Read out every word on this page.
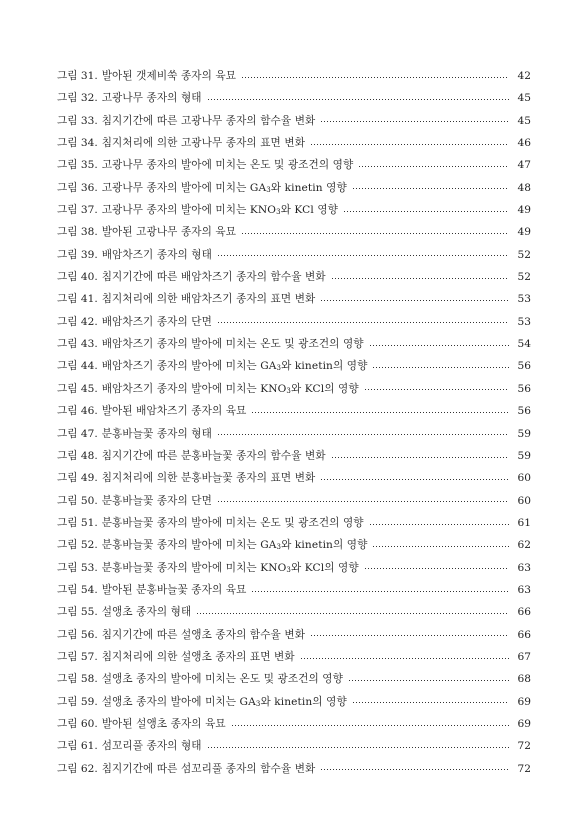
그림 31. 발아된 갯제비쑥 종자의 육묘	42
그림 32. 고광나무 종자의 형태	45
그림 33. 침지기간에 따른 고광나무 종자의 함수율 변화	45
그림 34. 침지처리에 의한 고광나무 종자의 표면 변화	46
그림 35. 고광나무 종자의 발아에 미치는 온도 및 광조건의 영향	47
그림 36. 고광나무 종자의 발아에 미치는 $GA_3$와 kinetin 영향	48
그림 37. 고광나무 종자의 발아에 미치는 $KNO_3$와 KCl 영향	49
그림 38. 발아된 고광나무 종자의 육묘	49
그림 39. 배암차즈기 종자의 형태	52
그림 40. 침지기간에 따른 배암차즈기 종자의 함수율 변화	52
그림 41. 침지처리에 의한 배암차즈기 종자의 표면 변화	53
그림 42. 배암차즈기 종자의 단면	53
그림 43. 배암차즈기 종자의 발아에 미치는 온도 및 광조건의 영향	54
그림 44. 배암차즈기 종자의 발아에 미치는 $GA_3$와 kinetin의 영향	56
그림 45. 배암차즈기 종자의 발아에 미치는 $KNO_3$와 KCl의 영향	56
그림 46. 발아된 배암차즈기 종자의 육묘	56
그림 47. 분홍바늘꽃 종자의 형태	59
그림 48. 침지기간에 따른 분홍바늘꽃 종자의 함수율 변화	59
그림 49. 침지처리에 의한 분홍바늘꽃 종자의 표면 변화	60
그림 50. 분홍바늘꽃 종자의 단면	60
그림 51. 분홍바늘꽃 종자의 발아에 미치는 온도 및 광조건의 영향	61
그림 52. 분홍바늘꽃 종자의 발아에 미치는 $GA_3$와 kinetin의 영향	62
그림 53. 분홍바늘꽃 종자의 발아에 미치는 $KNO_3$와 KCl의 영향	63
그림 54. 발아된 분홍바늘꽃 종자의 육묘	63
그림 55. 설앵초 종자의 형태	66
그림 56. 침지기간에 따른 설앵초 종자의 함수율 변화	66
그림 57. 침지처리에 의한 설앵초 종자의 표면 변화	67
그림 58. 설앵초 종자의 발아에 미치는 온도 및 광조건의 영향	68
그림 59. 설앵초 종자의 발아에 미치는 $GA_3$와 kinetin의 영향	69
그림 60. 발아된 설앵초 종자의 육묘	69
그림 61. 섬꼬리풀 종자의 형태	72
그림 62. 침지기간에 따른 섬꼬리풀 종자의 함수율 변화	72
